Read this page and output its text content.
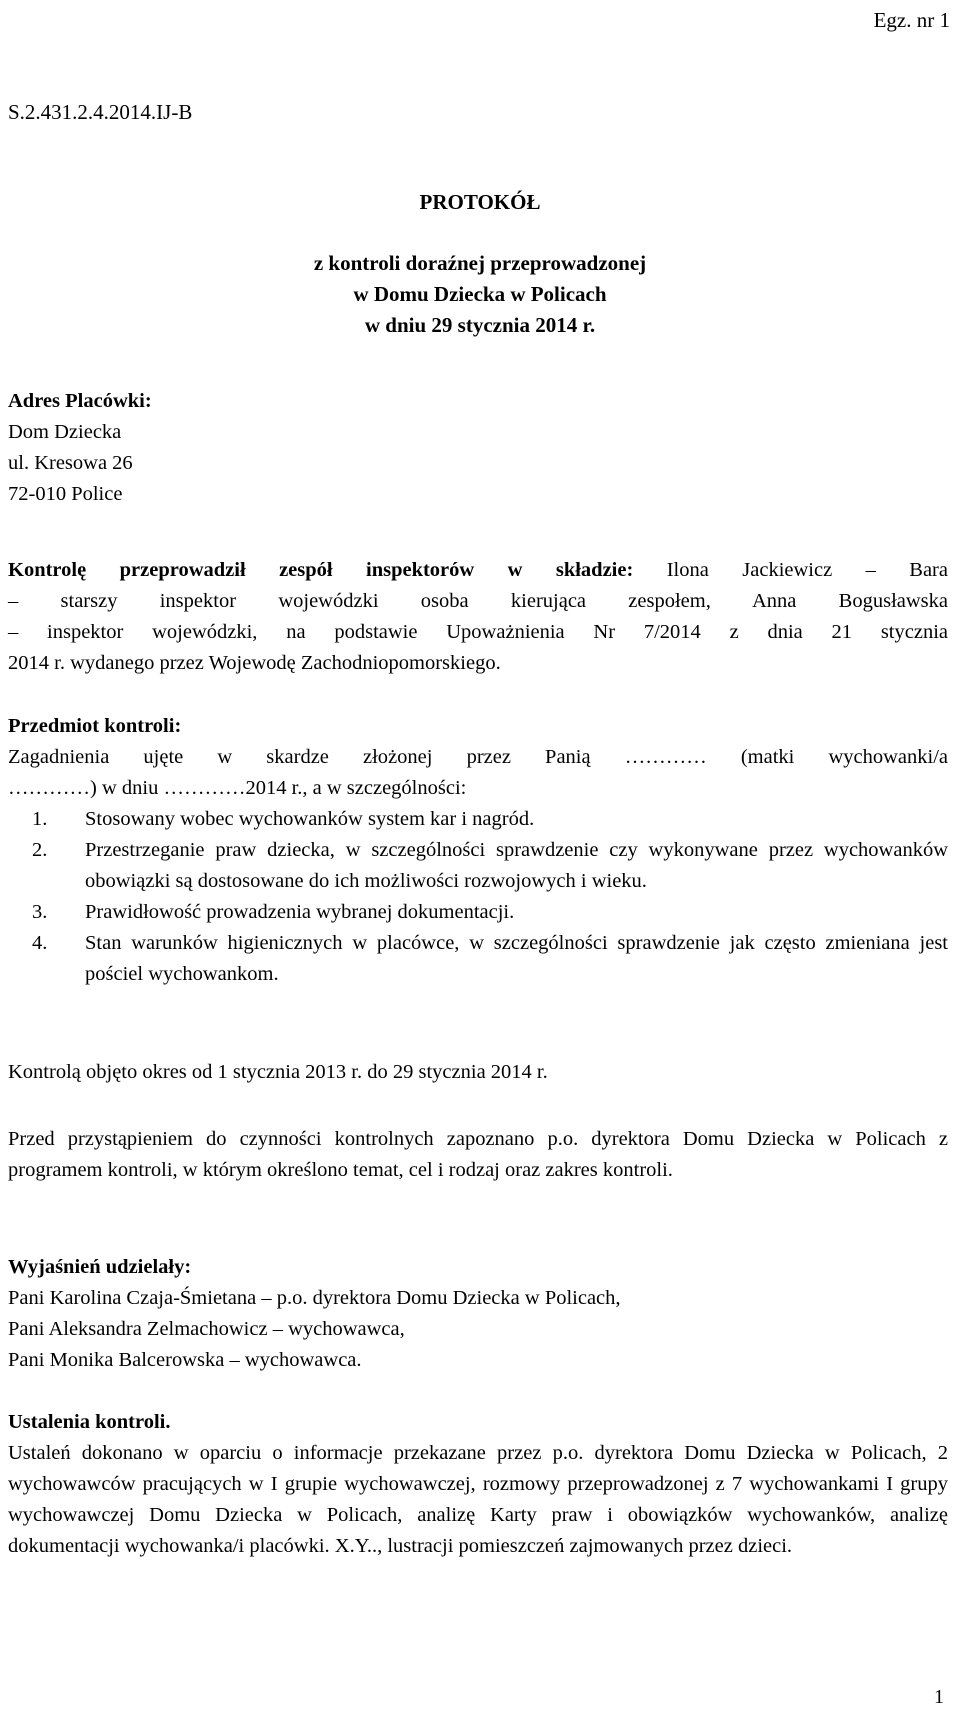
Egz. nr 1
S.2.431.2.4.2014.IJ-B
PROTOKÓŁ
z kontroli doraźnej przeprowadzonej
w Domu Dziecka w Policach
w dniu 29 stycznia 2014 r.
Adres Placówki:
Dom Dziecka
ul. Kresowa 26
72-010 Police
Kontrolę przeprowadził zespół inspektorów w składzie: Ilona Jackiewicz – Bara
– starszy inspektor wojewódzki osoba kierująca zespołem, Anna Bogusławska
– inspektor wojewódzki, na podstawie Upoważnienia Nr 7/2014 z dnia 21 stycznia
2014 r. wydanego przez Wojewodę Zachodniopomorskiego.
Przedmiot kontroli:
Zagadnienia ujęte w skardze złożonej przez Panią ………… (matki wychowanki/a
…………) w dniu …………2014 r., a w szczególności:
1. Stosowany wobec wychowanków system kar i nagród.
2. Przestrzeganie praw dziecka, w szczególności sprawdzenie czy wykonywane przez wychowanków obowiązki są dostosowane do ich możliwości rozwojowych i wieku.
3. Prawidłowość prowadzenia wybranej dokumentacji.
4. Stan warunków higienicznych w placówce, w szczególności sprawdzenie jak często zmieniana jest pościel wychowankom.
Kontrolą objęto okres od 1 stycznia 2013 r. do 29 stycznia 2014 r.
Przed przystąpieniem do czynności kontrolnych zapoznano p.o. dyrektora Domu Dziecka w Policach z programem kontroli, w którym określono temat, cel i rodzaj oraz zakres kontroli.
Wyjaśnień udzielały:
Pani Karolina Czaja-Śmietana – p.o. dyrektora Domu Dziecka w Policach,
Pani Aleksandra Zelmachowicz – wychowawca,
Pani Monika Balcerowska – wychowawca.
Ustalenia kontroli.
Ustaleń dokonano w oparciu o informacje przekazane przez p.o. dyrektora Domu Dziecka w Policach, 2 wychowawców pracujących w I grupie wychowawczej, rozmowy przeprowadzonej z 7 wychowankami I grupy wychowawczej Domu Dziecka w Policach, analizę Karty praw i obowiązków wychowanków, analizę dokumentacji wychowanka/i placówki. X.Y.., lustracji pomieszczeń zajmowanych przez dzieci.
1
